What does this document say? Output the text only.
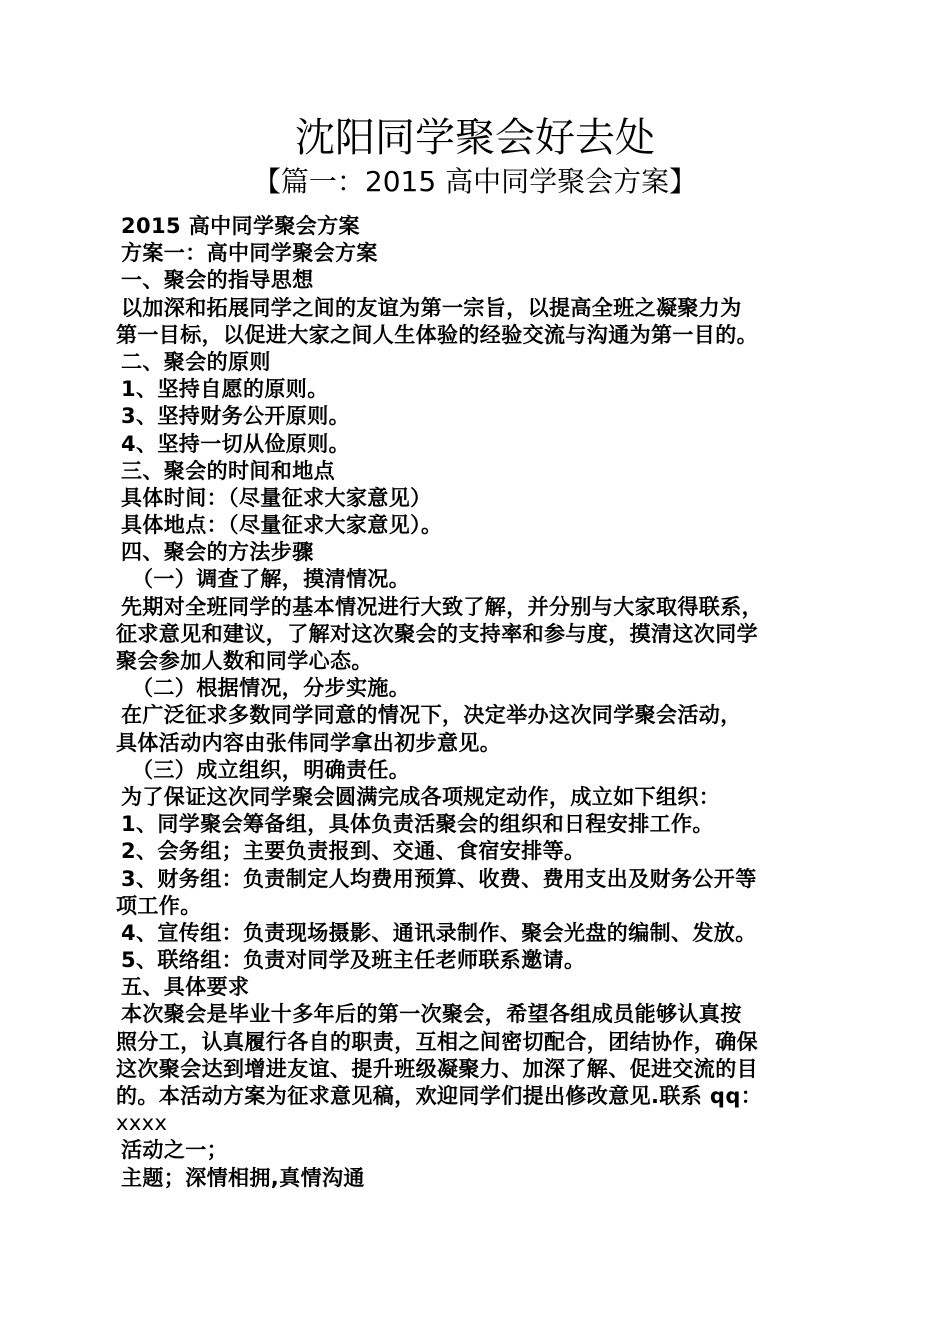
沈阳同学聚会好去处
【篇一：2015 高中同学聚会方案】
2015 高中同学聚会方案
方案一：高中同学聚会方案
一、聚会的指导思想
以加深和拓展同学之间的友谊为第一宗旨，以提高全班之凝聚力为
第一目标，以促进大家之间人生体验的经验交流与沟通为第一目的。
二、聚会的原则
1、坚持自愿的原则。
3、坚持财务公开原则。
4、坚持一切从俭原则。
三、聚会的时间和地点
具体时间：（尽量征求大家意见）
具体地点：（尽量征求大家意见）。
四、聚会的方法步骤
（一）调查了解，摸清情况。
先期对全班同学的基本情况进行大致了解，并分别与大家取得联系，
征求意见和建议，了解对这次聚会的支持率和参与度，摸清这次同学
聚会参加人数和同学心态。
（二）根据情况，分步实施。
在广泛征求多数同学同意的情况下，决定举办这次同学聚会活动，
具体活动内容由张伟同学拿出初步意见。
（三）成立组织，明确责任。
为了保证这次同学聚会圆满完成各项规定动作，成立如下组织：
1、同学聚会筹备组，具体负责活聚会的组织和日程安排工作。
2、会务组；主要负责报到、交通、食宿安排等。
3、财务组：负责制定人均费用预算、收费、费用支出及财务公开等
项工作。
4、宣传组：负责现场摄影、通讯录制作、聚会光盘的编制、发放。
5、联络组：负责对同学及班主任老师联系邀请。
五、具体要求
本次聚会是毕业十多年后的第一次聚会，希望各组成员能够认真按
照分工，认真履行各自的职责，互相之间密切配合，团结协作，确保
这次聚会达到增进友谊、提升班级凝聚力、加深了解、促进交流的目
的。本活动方案为征求意见稿，欢迎同学们提出修改意见.联系 qq：
xxxx
活动之一；
主题；深情相拥,真情沟通
